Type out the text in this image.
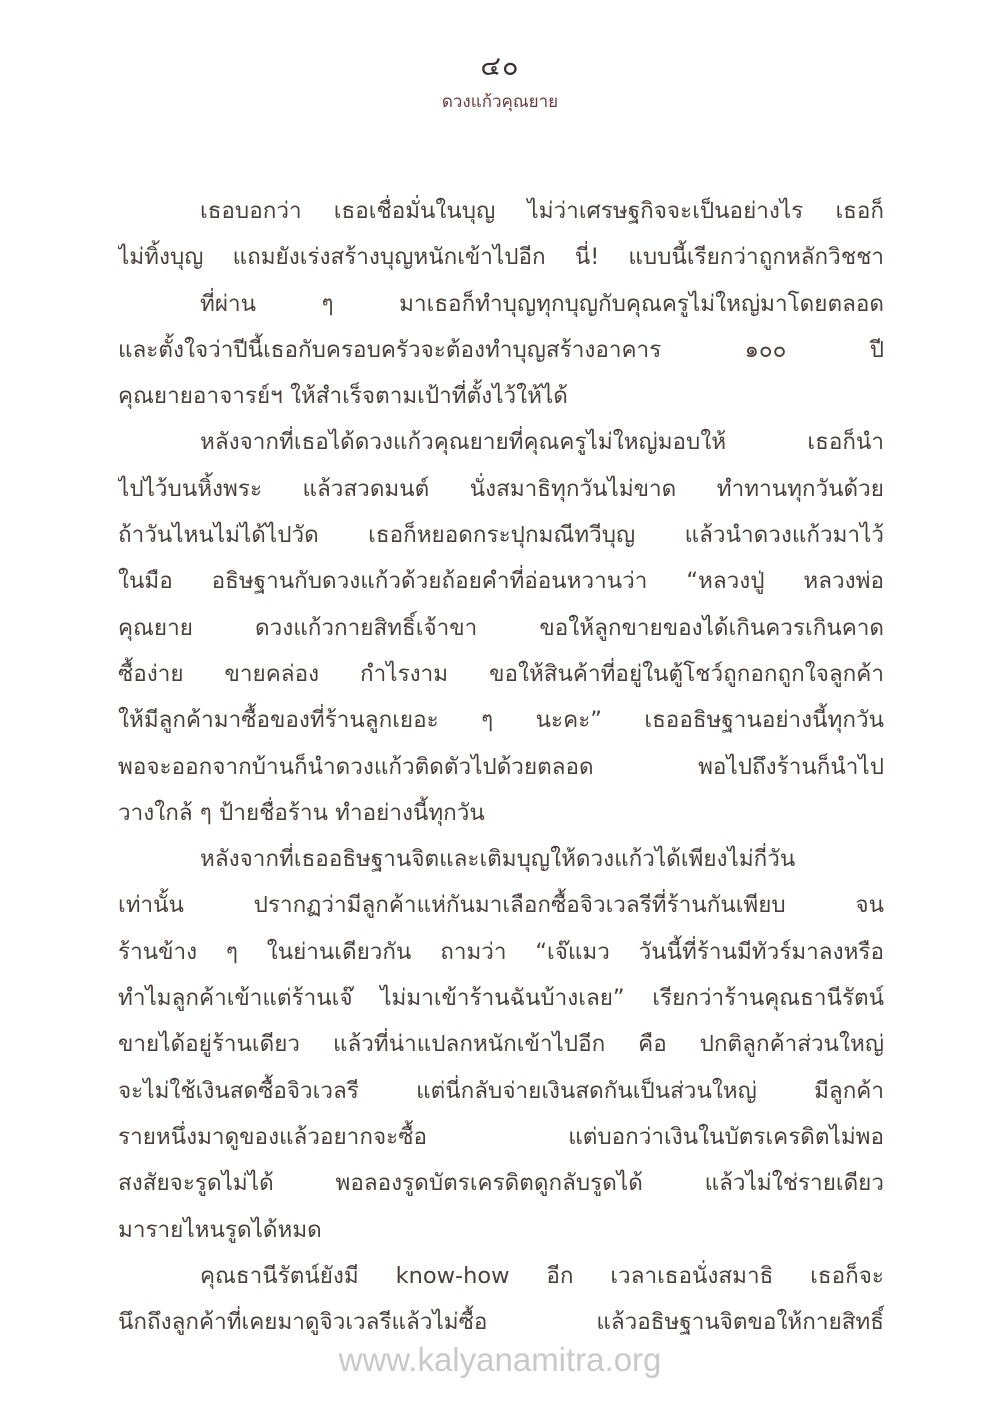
๔๐
ดวงแก้วคุณยาย
เธอบอกว่า เธอเชื่อมั่นในบุญ ไม่ว่าเศรษฐกิจจะเป็นอย่างไร เธอก็
ไม่ทิ้งบุญ แถมยังเร่งสร้างบุญหนักเข้าไปอีก นี่! แบบนี้เรียกว่าถูกหลักวิชชา
ที่ผ่าน ๆ มาเธอก็ทำบุญทุกบุญกับคุณครูไม่ใหญ่มาโดยตลอด
และตั้งใจว่าปีนี้เธอกับครอบครัวจะต้องทำบุญสร้างอาคาร ๑๐๐ ปี
คุณยายอาจารย์ฯ ให้สำเร็จตามเป้าที่ตั้งไว้ให้ได้
หลังจากที่เธอได้ดวงแก้วคุณยายที่คุณครูไม่ใหญ่มอบให้ เธอก็นำ
ไปไว้บนหิ้งพระ แล้วสวดมนต์ นั่งสมาธิทุกวันไม่ขาด ทำทานทุกวันด้วย
ถ้าวันไหนไม่ได้ไปวัด เธอก็หยอดกระปุกมณีทวีบุญ แล้วนำดวงแก้วมาไว้
ในมือ อธิษฐานกับดวงแก้วด้วยถ้อยคำที่อ่อนหวานว่า “หลวงปู่ หลวงพ่อ
คุณยาย ดวงแก้วกายสิทธิ์เจ้าขา ขอให้ลูกขายของได้เกินควรเกินคาด
ซื้อง่าย ขายคล่อง กำไรงาม ขอให้สินค้าที่อยู่ในตู้โชว์ถูกอกถูกใจลูกค้า
ให้มีลูกค้ามาซื้อของที่ร้านลูกเยอะ ๆ นะคะ” เธออธิษฐานอย่างนี้ทุกวัน
พอจะออกจากบ้านก็นำดวงแก้วติดตัวไปด้วยตลอด พอไปถึงร้านก็นำไป
วางใกล้ ๆ ป้ายชื่อร้าน ทำอย่างนี้ทุกวัน
หลังจากที่เธออธิษฐานจิตและเติมบุญให้ดวงแก้วได้เพียงไม่กี่วัน
เท่านั้น ปรากฏว่ามีลูกค้าแห่กันมาเลือกซื้อจิวเวลรีที่ร้านกันเพียบ จน
ร้านข้าง ๆ ในย่านเดียวกัน ถามว่า “เจ๊แมว วันนี้ที่ร้านมีทัวร์มาลงหรือ
ทำไมลูกค้าเข้าแต่ร้านเจ๊ ไม่มาเข้าร้านฉันบ้างเลย” เรียกว่าร้านคุณธานีรัตน์
ขายได้อยู่ร้านเดียว แล้วที่น่าแปลกหนักเข้าไปอีก คือ ปกติลูกค้าส่วนใหญ่
จะไม่ใช้เงินสดซื้อจิวเวลรี แต่นี่กลับจ่ายเงินสดกันเป็นส่วนใหญ่ มีลูกค้า
รายหนึ่งมาดูของแล้วอยากจะซื้อ แต่บอกว่าเงินในบัตรเครดิตไม่พอ
สงสัยจะรูดไม่ได้ พอลองรูดบัตรเครดิตดูกลับรูดได้ แล้วไม่ใช่รายเดียว
มารายไหนรูดได้หมด
คุณธานีรัตน์ยังมี know-how อีก เวลาเธอนั่งสมาธิ เธอก็จะ
นึกถึงลูกค้าที่เคยมาดูจิวเวลรีแล้วไม่ซื้อ แล้วอธิษฐานจิตขอให้กายสิทธิ์
www.kalyanamitra.org
